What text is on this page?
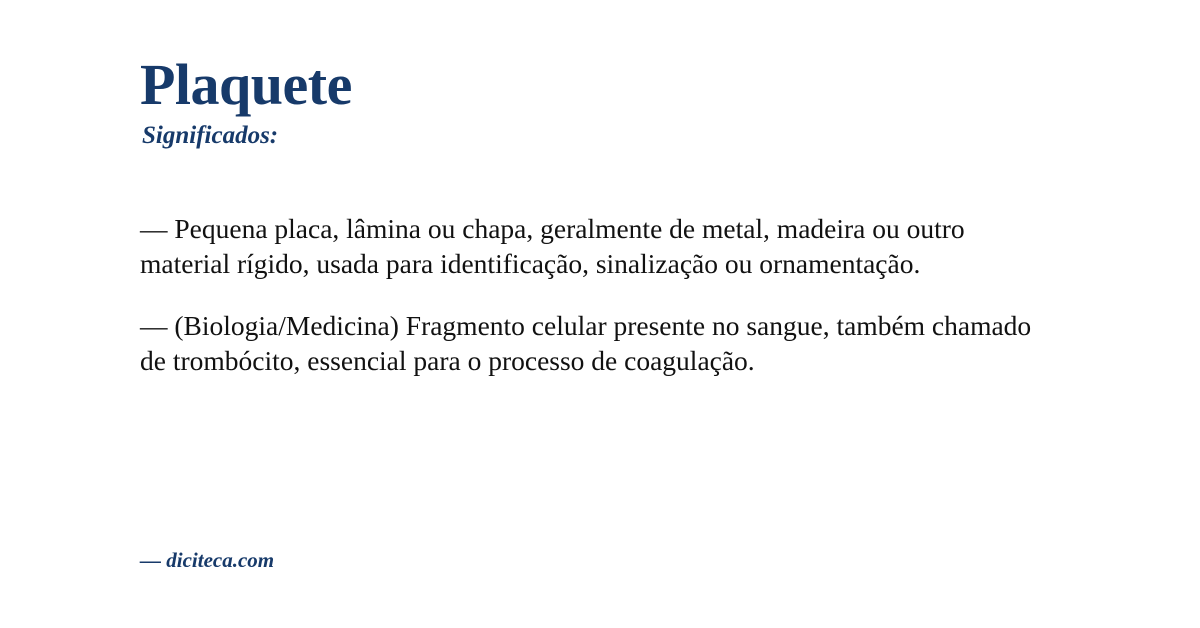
Plaquete
Significados:

— Pequena placa, lâmina ou chapa, geralmente de metal, madeira ou outro material rígido, usada para identificação, sinalização ou ornamentação.

— (Biologia/Medicina) Fragmento celular presente no sangue, também chamado de trombócito, essencial para o processo de coagulação.

— diciteca.com
